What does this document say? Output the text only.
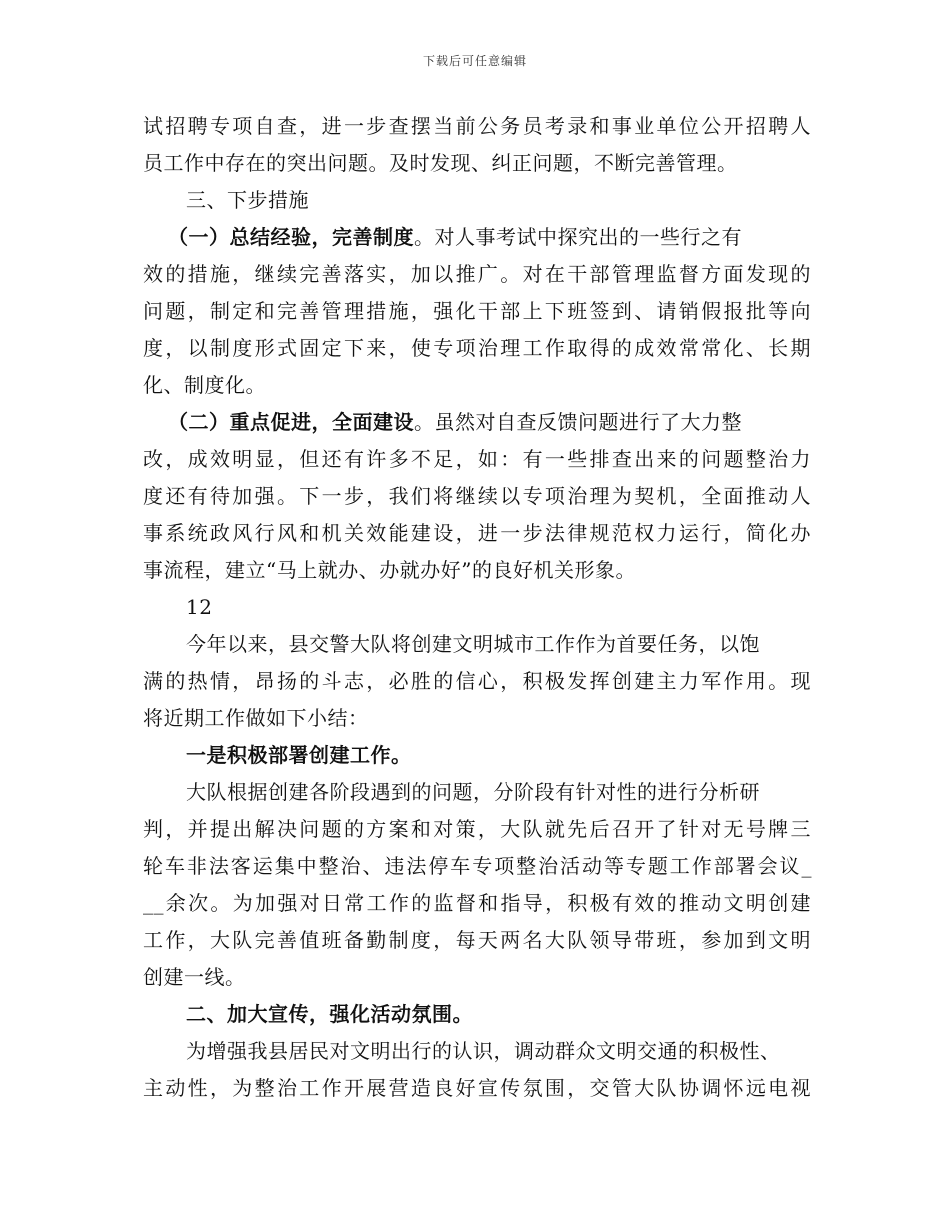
下载后可任意编辑
试招聘专项自查，进一步查摆当前公务员考录和事业单位公开招聘人
员工作中存在的突出问题。及时发现、纠正问题，不断完善管理。
三、下步措施
（一）总结经验，完善制度。对人事考试中探究出的一些行之有
效的措施，继续完善落实，加以推广。对在干部管理监督方面发现的
问题，制定和完善管理措施，强化干部上下班签到、请销假报批等向
度，以制度形式固定下来，使专项治理工作取得的成效常常化、长期
化、制度化。
（二）重点促进，全面建设。虽然对自查反馈问题进行了大力整
改，成效明显，但还有许多不足，如：有一些排查出来的问题整治力
度还有待加强。下一步，我们将继续以专项治理为契机，全面推动人
事系统政风行风和机关效能建设，进一步法律规范权力运行，简化办
事流程，建立“马上就办、办就办好”的良好机关形象。
12
今年以来，县交警大队将创建文明城市工作作为首要任务，以饱
满的热情，昂扬的斗志，必胜的信心，积极发挥创建主力军作用。现
将近期工作做如下小结：
一是积极部署创建工作。
大队根据创建各阶段遇到的问题，分阶段有针对性的进行分析研
判，并提出解决问题的方案和对策，大队就先后召开了针对无号牌三
轮车非法客运集中整治、违法停车专项整治活动等专题工作部署会议_
__余次。为加强对日常工作的监督和指导，积极有效的推动文明创建
工作，大队完善值班备勤制度，每天两名大队领导带班，参加到文明
创建一线。
二、加大宣传，强化活动氛围。
为增强我县居民对文明出行的认识，调动群众文明交通的积极性、
主动性，为整治工作开展营造良好宣传氛围，交管大队协调怀远电视
